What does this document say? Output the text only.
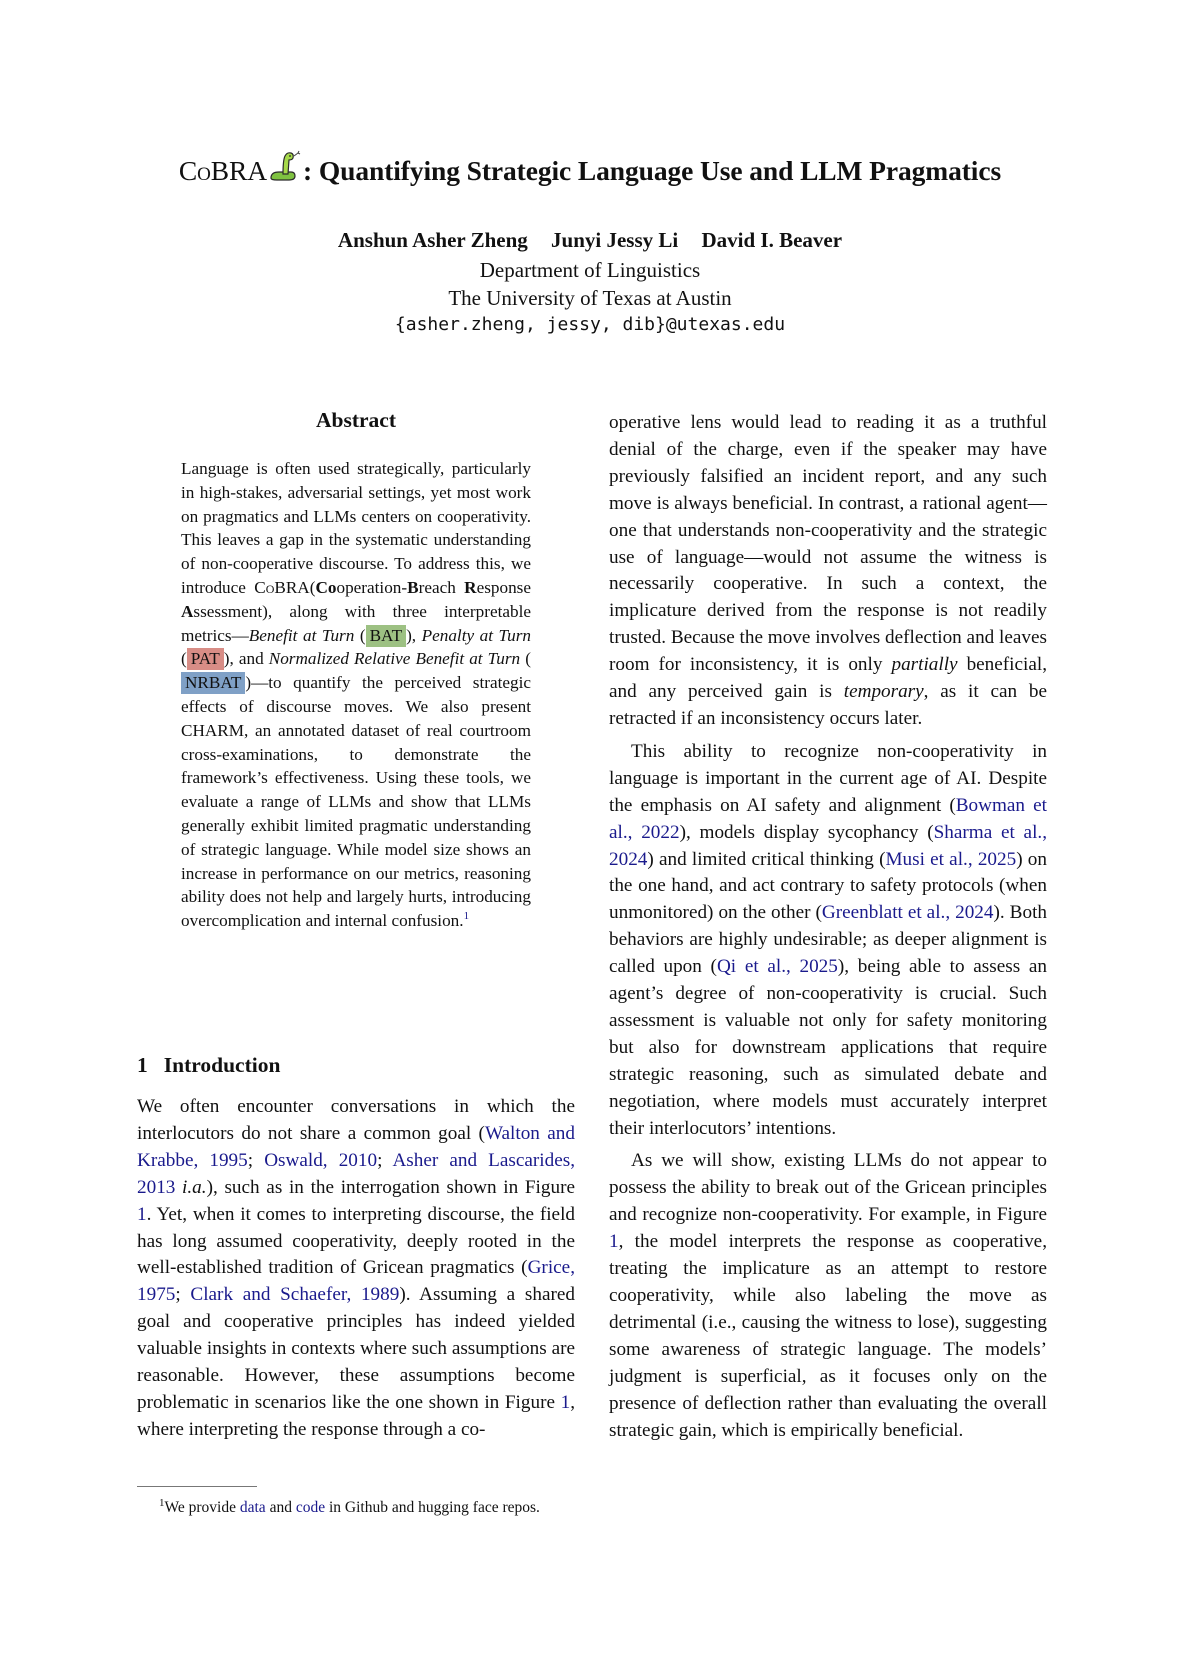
CoBRA : Quantifying Strategic Language Use and LLM Pragmatics
Anshun Asher Zheng Junyi Jessy Li David I. Beaver
Department of Linguistics
The University of Texas at Austin
{asher.zheng, jessy, dib}@utexas.edu
Abstract
Language is often used strategically, particularly in high-stakes, adversarial settings, yet most work on pragmatics and LLMs centers on cooperativity. This leaves a gap in the systematic understanding of non-cooperative discourse. To address this, we introduce CoBRA(Cooperation-Breach Response Assessment), along with three interpretable metrics—Benefit at Turn ( BAT ), Penalty at Turn ( PAT ), and Normalized Relative Benefit at Turn (NRBAT )—to quantify the perceived strategic effects of discourse moves. We also present CHARM, an annotated dataset of real courtroom cross-examinations, to demonstrate the framework’s effectiveness. Using these tools, we evaluate a range of LLMs and show that LLMs generally exhibit limited pragmatic understanding of strategic language. While model size shows an increase in performance on our metrics, reasoning ability does not help and largely hurts, introducing overcomplication and internal confusion.$^1$
1 Introduction

We often encounter conversations in which the interlocutors do not share a common goal (Walton and Krabbe, 1995; Oswald, 2010; Asher and Lascarides, 2013 i.a.), such as in the interrogation shown in Figure 1. Yet, when it comes to interpreting discourse, the field has long assumed cooperativity, deeply rooted in the well-established tradition of Gricean pragmatics (Grice, 1975; Clark and Schaefer, 1989). Assuming a shared goal and cooperative principles has indeed yielded valuable insights in contexts where such assumptions are reasonable. However, these assumptions become problematic in scenarios like the one shown in Figure 1, where interpreting the response through a co-

$^1$We provide data and code in Github and hugging face repos.

operative lens would lead to reading it as a truthful denial of the charge, even if the speaker may have previously falsified an incident report, and any such move is always beneficial. In contrast, a rational agent—one that understands non-cooperativity and the strategic use of language—would not assume the witness is necessarily cooperative. In such a context, the implicature derived from the response is not readily trusted. Because the move involves deflection and leaves room for inconsistency, it is only partially beneficial, and any perceived gain is temporary, as it can be retracted if an inconsistency occurs later.

This ability to recognize non-cooperativity in language is important in the current age of AI. Despite the emphasis on AI safety and alignment (Bowman et al., 2022), models display sycophancy (Sharma et al., 2024) and limited critical thinking (Musi et al., 2025) on the one hand, and act contrary to safety protocols (when unmonitored) on the other (Greenblatt et al., 2024). Both behaviors are highly undesirable; as deeper alignment is called upon (Qi et al., 2025), being able to assess an agent’s degree of non-cooperativity is crucial. Such assessment is valuable not only for safety monitoring but also for downstream applications that require strategic reasoning, such as simulated debate and negotiation, where models must accurately interpret their interlocutors’ intentions.

As we will show, existing LLMs do not appear to possess the ability to break out of the Gricean principles and recognize non-cooperativity. For example, in Figure 1, the model interprets the response as cooperative, treating the implicature as an attempt to restore cooperativity, while also labeling the move as detrimental (i.e., causing the witness to lose), suggesting some awareness of strategic language. The models’ judgment is superficial, as it focuses only on the presence of deflection rather than evaluating the overall strategic gain, which is empirically beneficial.
